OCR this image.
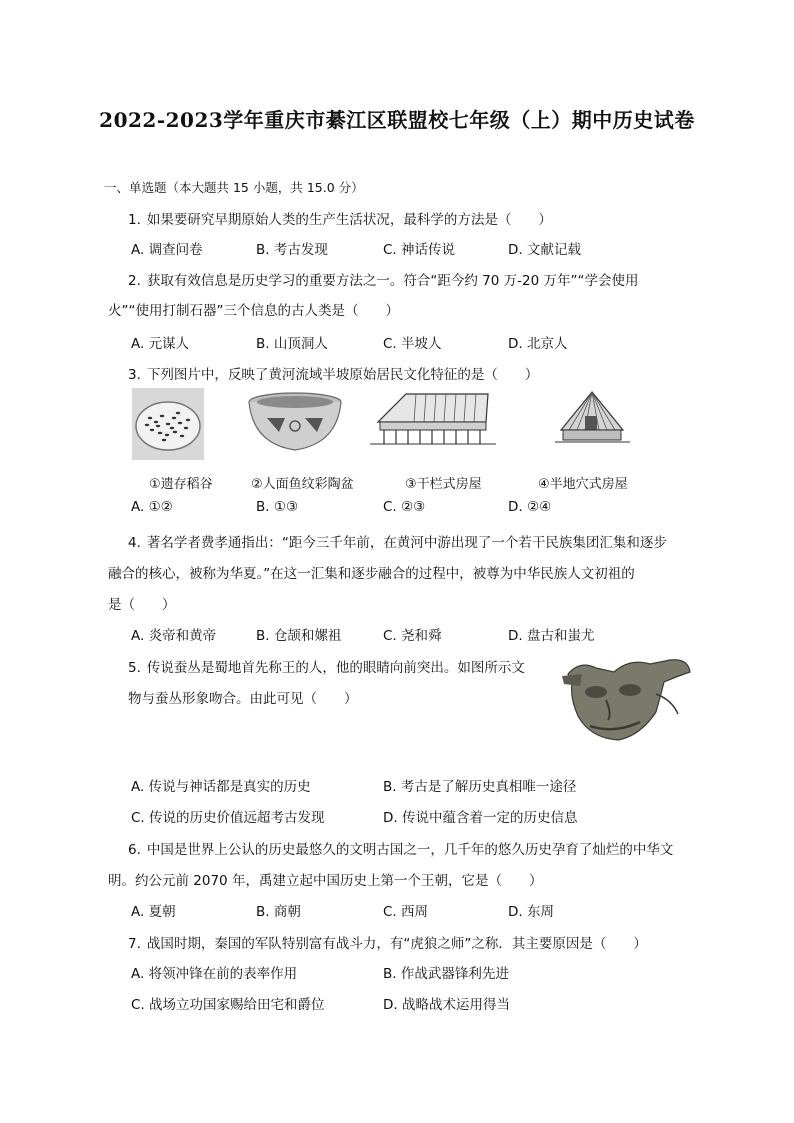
2022-2023学年重庆市綦江区联盟校七年级（上）期中历史试卷
一、单选题（本大题共 15 小题，共 15.0 分）
1. 如果要研究早期原始人类的生产生活状况，最科学的方法是（　　）
A. 调查问卷	B. 考古发现	C. 神话传说	D. 文献记载
2. 获取有效信息是历史学习的重要方法之一。符合“距今约 70 万-20 万年”“学会使用
火”“使用打制石器”三个信息的古人类是（　　）
A. 元谋人	B. 山顶洞人	C. 半坡人	D. 北京人
3. 下列图片中，反映了黄河流域半坡原始居民文化特征的是（　　）
①遗存稻谷	②人面鱼纹彩陶盆	③干栏式房屋	④半地穴式房屋
A. ①②	B. ①③	C. ②③	D. ②④
4. 著名学者费孝通指出：“距今三千年前，在黄河中游出现了一个若干民族集团汇集和逐步
融合的核心，被称为华夏。”在这一汇集和逐步融合的过程中，被尊为中华民族人文初祖的
是（　　）
A. 炎帝和黄帝	B. 仓颉和嫘祖	C. 尧和舜	D. 盘古和蚩尤
5. 传说蚕丛是蜀地首先称王的人，他的眼睛向前突出。如图所示文
物与蚕丛形象吻合。由此可见（　　）
A. 传说与神话都是真实的历史	B. 考古是了解历史真相唯一途径
C. 传说的历史价值远超考古发现	D. 传说中蕴含着一定的历史信息
6. 中国是世界上公认的历史最悠久的文明古国之一，几千年的悠久历史孕育了灿烂的中华文
明。约公元前 2070 年，禹建立起中国历史上第一个王朝，它是（　　）
A. 夏朝	B. 商朝	C. 西周	D. 东周
7. 战国时期，秦国的军队特别富有战斗力，有“虎狼之师”之称．其主要原因是（　　）
A. 将领冲锋在前的表率作用	B. 作战武器锋利先进
C. 战场立功国家赐给田宅和爵位	D. 战略战术运用得当
